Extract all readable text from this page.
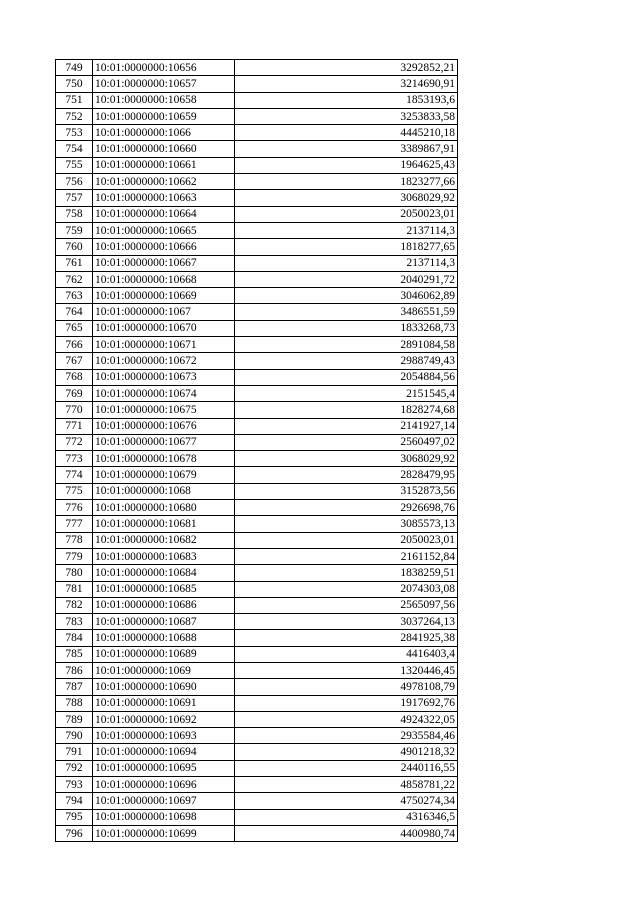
749	10:01:0000000:10656	3292852,21
750	10:01:0000000:10657	3214690,91
751	10:01:0000000:10658	1853193,6
752	10:01:0000000:10659	3253833,58
753	10:01:0000000:1066	4445210,18
754	10:01:0000000:10660	3389867,91
755	10:01:0000000:10661	1964625,43
756	10:01:0000000:10662	1823277,66
757	10:01:0000000:10663	3068029,92
758	10:01:0000000:10664	2050023,01
759	10:01:0000000:10665	2137114,3
760	10:01:0000000:10666	1818277,65
761	10:01:0000000:10667	2137114,3
762	10:01:0000000:10668	2040291,72
763	10:01:0000000:10669	3046062,89
764	10:01:0000000:1067	3486551,59
765	10:01:0000000:10670	1833268,73
766	10:01:0000000:10671	2891084,58
767	10:01:0000000:10672	2988749,43
768	10:01:0000000:10673	2054884,56
769	10:01:0000000:10674	2151545,4
770	10:01:0000000:10675	1828274,68
771	10:01:0000000:10676	2141927,14
772	10:01:0000000:10677	2560497,02
773	10:01:0000000:10678	3068029,92
774	10:01:0000000:10679	2828479,95
775	10:01:0000000:1068	3152873,56
776	10:01:0000000:10680	2926698,76
777	10:01:0000000:10681	3085573,13
778	10:01:0000000:10682	2050023,01
779	10:01:0000000:10683	2161152,84
780	10:01:0000000:10684	1838259,51
781	10:01:0000000:10685	2074303,08
782	10:01:0000000:10686	2565097,56
783	10:01:0000000:10687	3037264,13
784	10:01:0000000:10688	2841925,38
785	10:01:0000000:10689	4416403,4
786	10:01:0000000:1069	1320446,45
787	10:01:0000000:10690	4978108,79
788	10:01:0000000:10691	1917692,76
789	10:01:0000000:10692	4924322,05
790	10:01:0000000:10693	2935584,46
791	10:01:0000000:10694	4901218,32
792	10:01:0000000:10695	2440116,55
793	10:01:0000000:10696	4858781,22
794	10:01:0000000:10697	4750274,34
795	10:01:0000000:10698	4316346,5
796	10:01:0000000:10699	4400980,74
